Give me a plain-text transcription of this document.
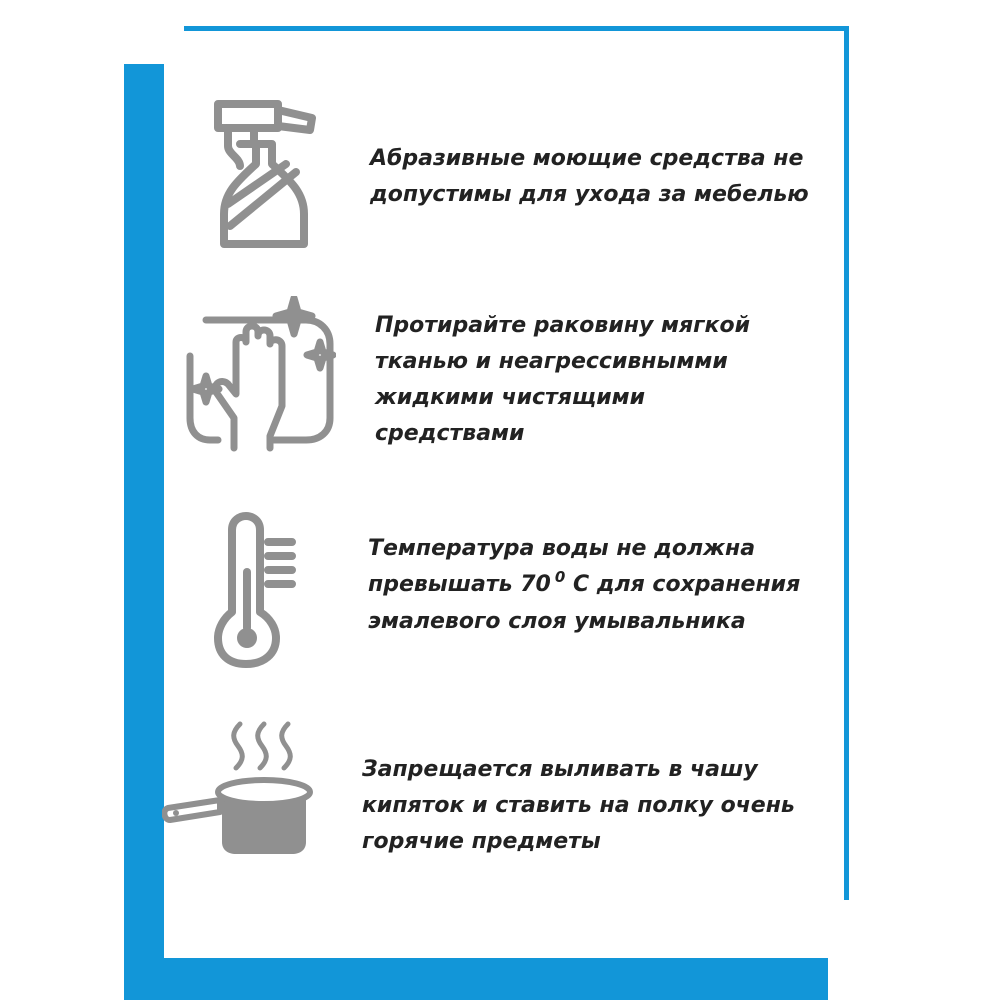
Абразивные моющие средства не
допустимы для ухода за мебелью

Протирайте раковину мягкой
тканью и неагрессивнымми
жидкими чистящими
средствами

Температура воды не должна
превышать 70 $^0$ С для сохранения
эмалевого слоя умывальника

Запрещается выливать в чашу
кипяток и ставить на полку очень
горячие предметы
